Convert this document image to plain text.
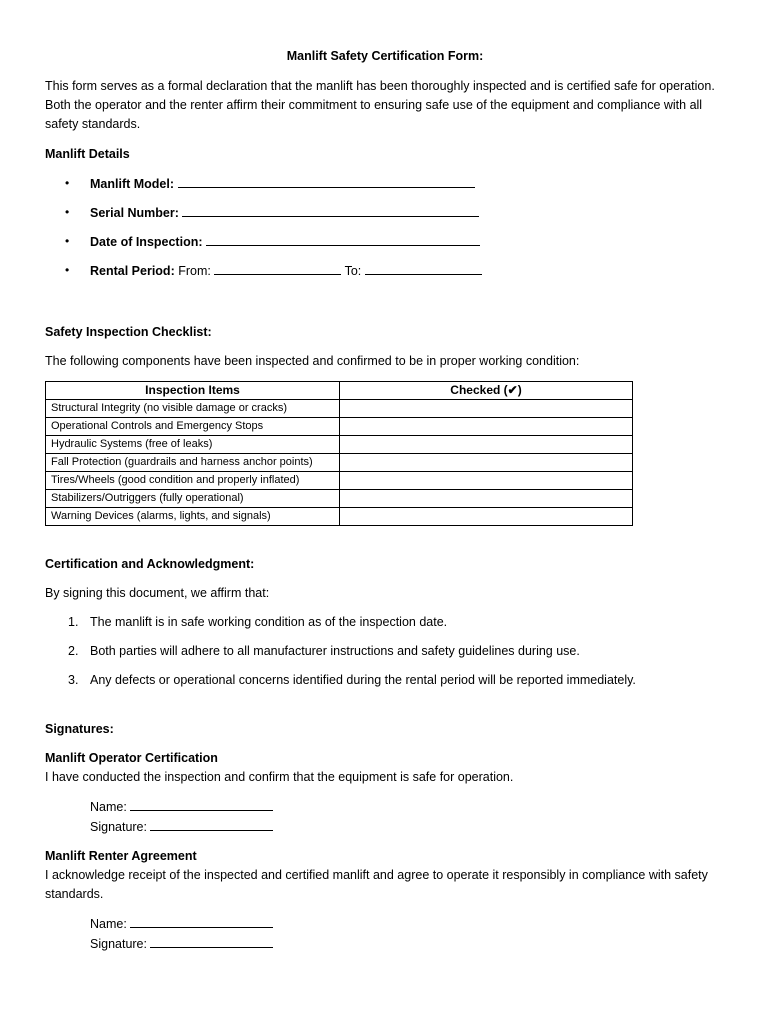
Manlift Safety Certification Form:

This form serves as a formal declaration that the manlift has been thoroughly inspected and is certified safe for operation. Both the operator and the renter affirm their commitment to ensuring safe use of the equipment and compliance with all safety standards.

Manlift Details

• Manlift Model:
• Serial Number:
• Date of Inspection:
• Rental Period: From:	To:

Safety Inspection Checklist:

The following components have been inspected and confirmed to be in proper working condition:

Inspection Items	Checked (✔)
Structural Integrity (no visible damage or cracks)	
Operational Controls and Emergency Stops	
Hydraulic Systems (free of leaks)	
Fall Protection (guardrails and harness anchor points)	
Tires/Wheels (good condition and properly inflated)	
Stabilizers/Outriggers (fully operational)	
Warning Devices (alarms, lights, and signals)	

Certification and Acknowledgment:

By signing this document, we affirm that:

1. The manlift is in safe working condition as of the inspection date.
2. Both parties will adhere to all manufacturer instructions and safety guidelines during use.
3. Any defects or operational concerns identified during the rental period will be reported immediately.

Signatures:

Manlift Operator Certification

I have conducted the inspection and confirm that the equipment is safe for operation.

Name:

Signature:

Manlift Renter Agreement

I acknowledge receipt of the inspected and certified manlift and agree to operate it responsibly in compliance with safety standards.

Name:

Signature:
